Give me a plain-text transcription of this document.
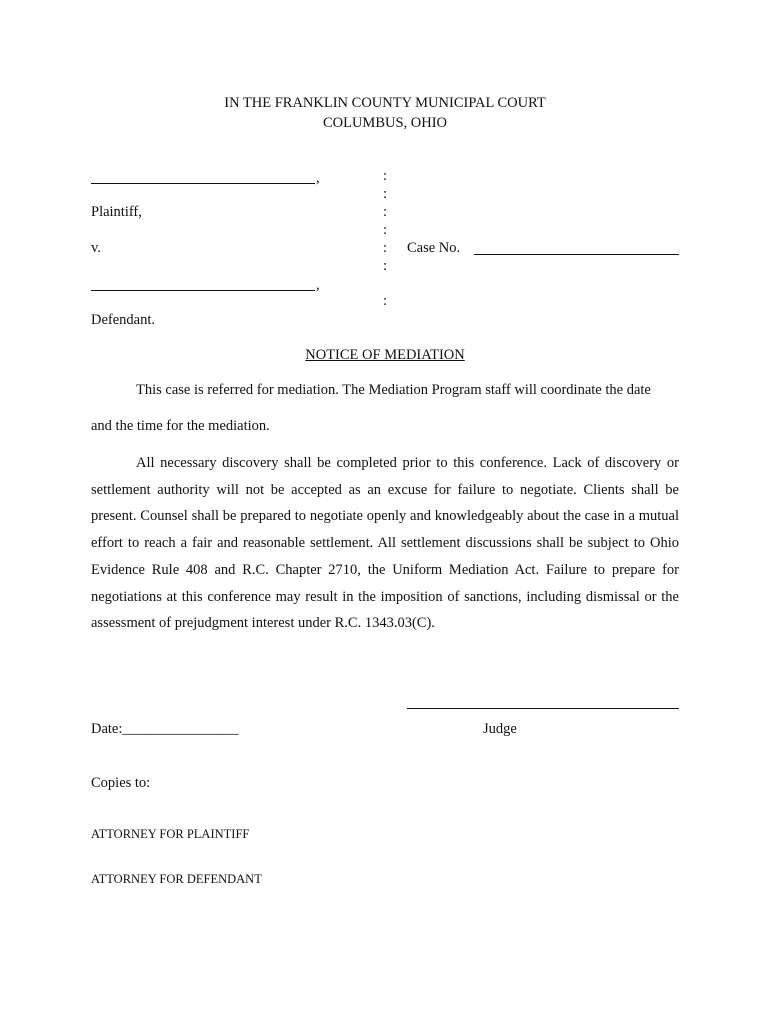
IN THE FRANKLIN COUNTY MUNICIPAL COURT
COLUMBUS, OHIO
,
Plaintiff,
v.
,
Defendant.
:
:
:
:
:
:
:
Case No.
NOTICE OF MEDIATION
This case is referred for mediation. The Mediation Program staff will coordinate the date
and the time for the mediation.

All necessary discovery shall be completed prior to this conference. Lack of discovery or settlement authority will not be accepted as an excuse for failure to negotiate. Clients shall be present. Counsel shall be prepared to negotiate openly and knowledgeably about the case in a mutual effort to reach a fair and reasonable settlement. All settlement discussions shall be subject to Ohio Evidence Rule 408 and R.C. Chapter 2710, the Uniform Mediation Act. Failure to prepare for negotiations at this conference may result in the imposition of sanctions, including dismissal or the assessment of prejudgment interest under R.C. 1343.03(C).

Date:________________	Judge
Copies to:
ATTORNEY FOR PLAINTIFF
ATTORNEY FOR DEFENDANT
